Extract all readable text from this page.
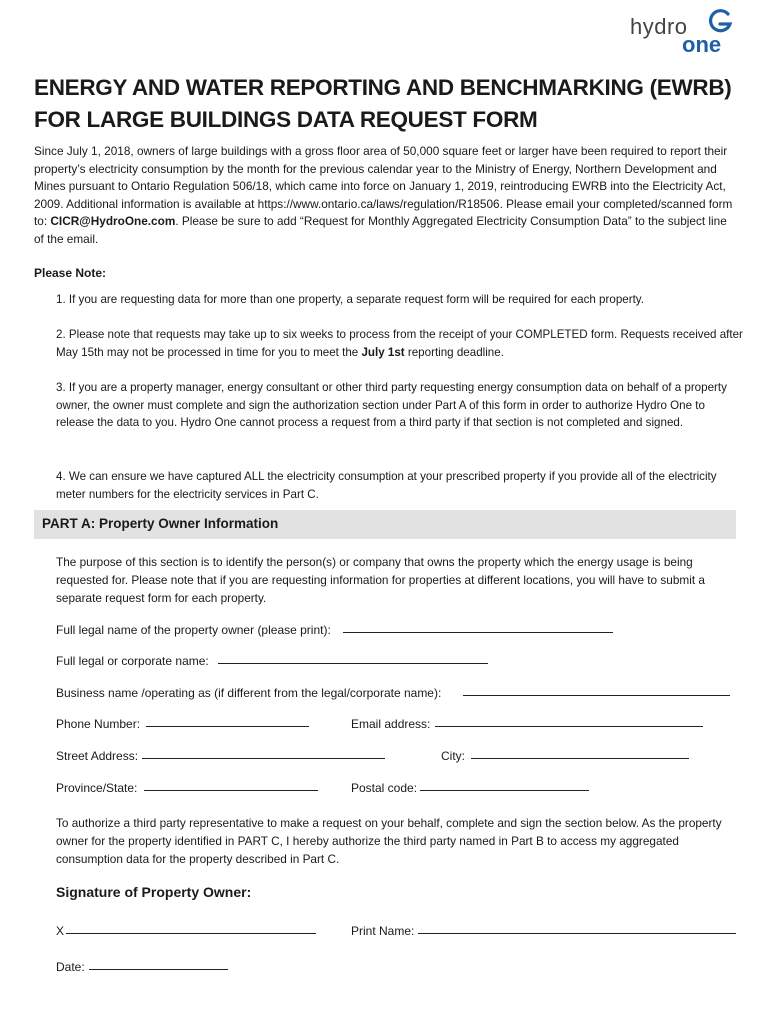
hydro
one
ENERGY AND WATER REPORTING AND BENCHMARKING (EWRB) FOR LARGE BUILDINGS DATA REQUEST FORM
Since July 1, 2018, owners of large buildings with a gross floor area of 50,000 square feet or larger have been required to report their property’s electricity consumption by the month for the previous calendar year to the Ministry of Energy, Northern Development and Mines pursuant to Ontario Regulation 506/18, which came into force on January 1, 2019, reintroducing EWRB into the Electricity Act, 2009. Additional information is available at https://www.ontario.ca/laws/regulation/R18506. Please email your completed/scanned form to: CICR@HydroOne.com. Please be sure to add “Request for Monthly Aggregated Electricity Consumption Data” to the subject line of the email.
Please Note:
1. If you are requesting data for more than one property, a separate request form will be required for each property.
2. Please note that requests may take up to six weeks to process from the receipt of your COMPLETED form. Requests received after May 15th may not be processed in time for you to meet the July 1st reporting deadline.
3. If you are a property manager, energy consultant or other third party requesting energy consumption data on behalf of a property owner, the owner must complete and sign the authorization section under Part A of this form in order to authorize Hydro One to release the data to you. Hydro One cannot process a request from a third party if that section is not completed and signed.
4. We can ensure we have captured ALL the electricity consumption at your prescribed property if you provide all of the electricity meter numbers for the electricity services in Part C.
PART A: Property Owner Information
The purpose of this section is to identify the person(s) or company that owns the property which the energy usage is being requested for. Please note that if you are requesting information for properties at different locations, you will have to submit a separate request form for each property.
Full legal name of the property owner (please print):
Full legal or corporate name:
Business name /operating as (if different from the legal/corporate name):
Phone Number:	Email address:
Street Address:	City:
Province/State:	Postal code:
To authorize a third party representative to make a request on your behalf, complete and sign the section below. As the property owner for the property identified in PART C, I hereby authorize the third party named in Part B to access my aggregated consumption data for the property described in Part C.
Signature of Property Owner:
X	Print Name:
Date:
